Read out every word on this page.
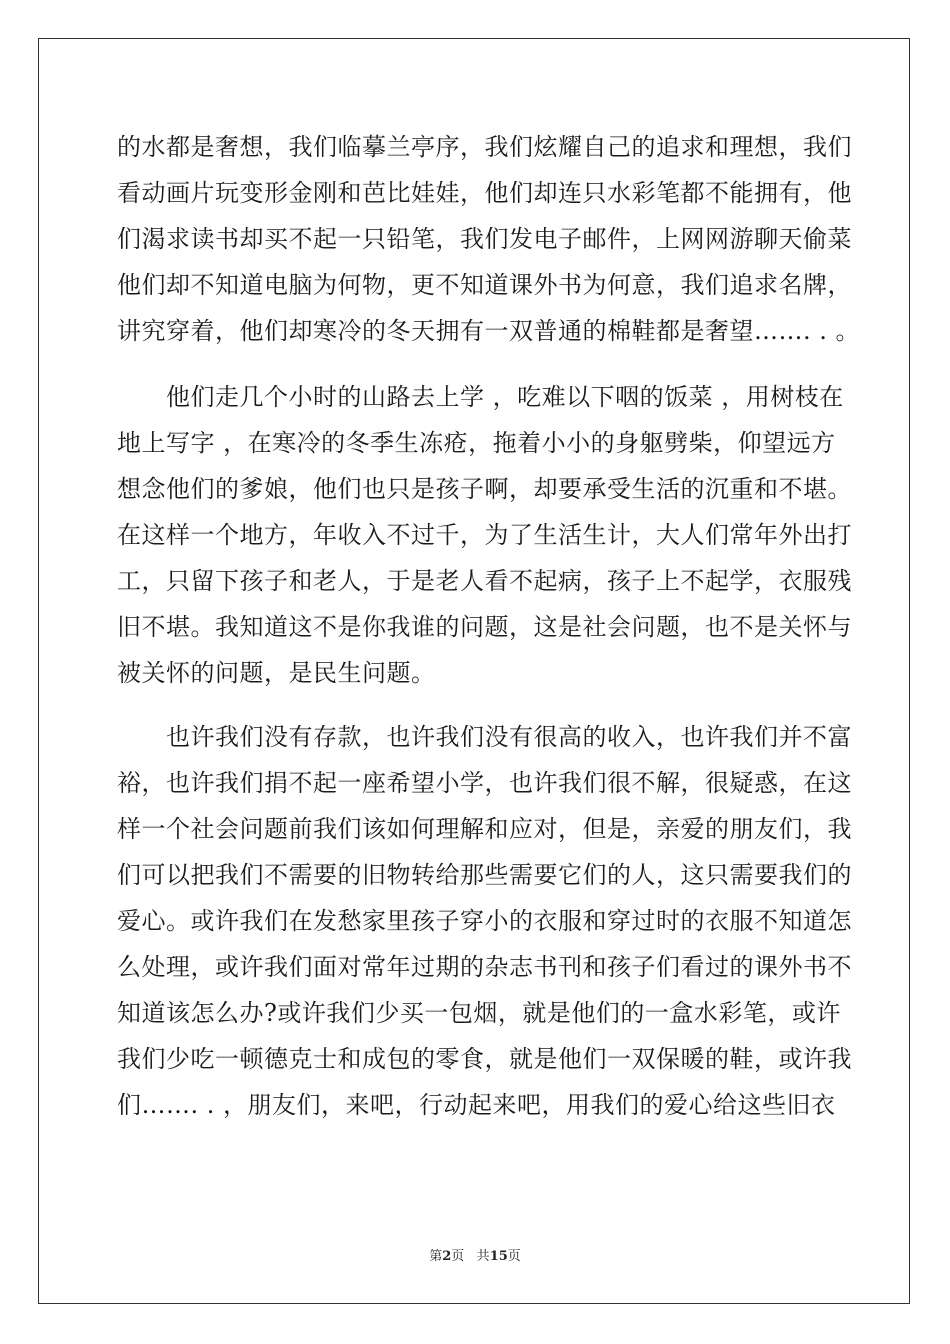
的水都是奢想，我们临摹兰亭序，我们炫耀自己的追求和理想，我们
看动画片玩变形金刚和芭比娃娃，他们却连只水彩笔都不能拥有，他
们渴求读书却买不起一只铅笔，我们发电子邮件，上网网游聊天偷菜
他们却不知道电脑为何物，更不知道课外书为何意，我们追求名牌，
讲究穿着，他们却寒冷的冬天拥有一双普通的棉鞋都是奢望……. . 。
　　他们走几个小时的山路去上学 ，吃难以下咽的饭菜 ，用树枝在
地上写字 ，在寒冷的冬季生冻疮，拖着小小的身躯劈柴，仰望远方
想念他们的爹娘，他们也只是孩子啊，却要承受生活的沉重和不堪。
在这样一个地方，年收入不过千，为了生活生计，大人们常年外出打
工，只留下孩子和老人，于是老人看不起病，孩子上不起学，衣服残
旧不堪。我知道这不是你我谁的问题，这是社会问题，也不是关怀与
被关怀的问题，是民生问题。
　　也许我们没有存款，也许我们没有很高的收入，也许我们并不富
裕，也许我们捐不起一座希望小学，也许我们很不解，很疑惑，在这
样一个社会问题前我们该如何理解和应对，但是，亲爱的朋友们，我
们可以把我们不需要的旧物转给那些需要它们的人，这只需要我们的
爱心。或许我们在发愁家里孩子穿小的衣服和穿过时的衣服不知道怎
么处理，或许我们面对常年过期的杂志书刊和孩子们看过的课外书不
知道该怎么办?或许我们少买一包烟，就是他们的一盒水彩笔，或许
我们少吃一顿德克士和成包的零食，就是他们一双保暖的鞋，或许我
们……. . ，朋友们，来吧，行动起来吧，用我们的爱心给这些旧衣
第2页 共15页
